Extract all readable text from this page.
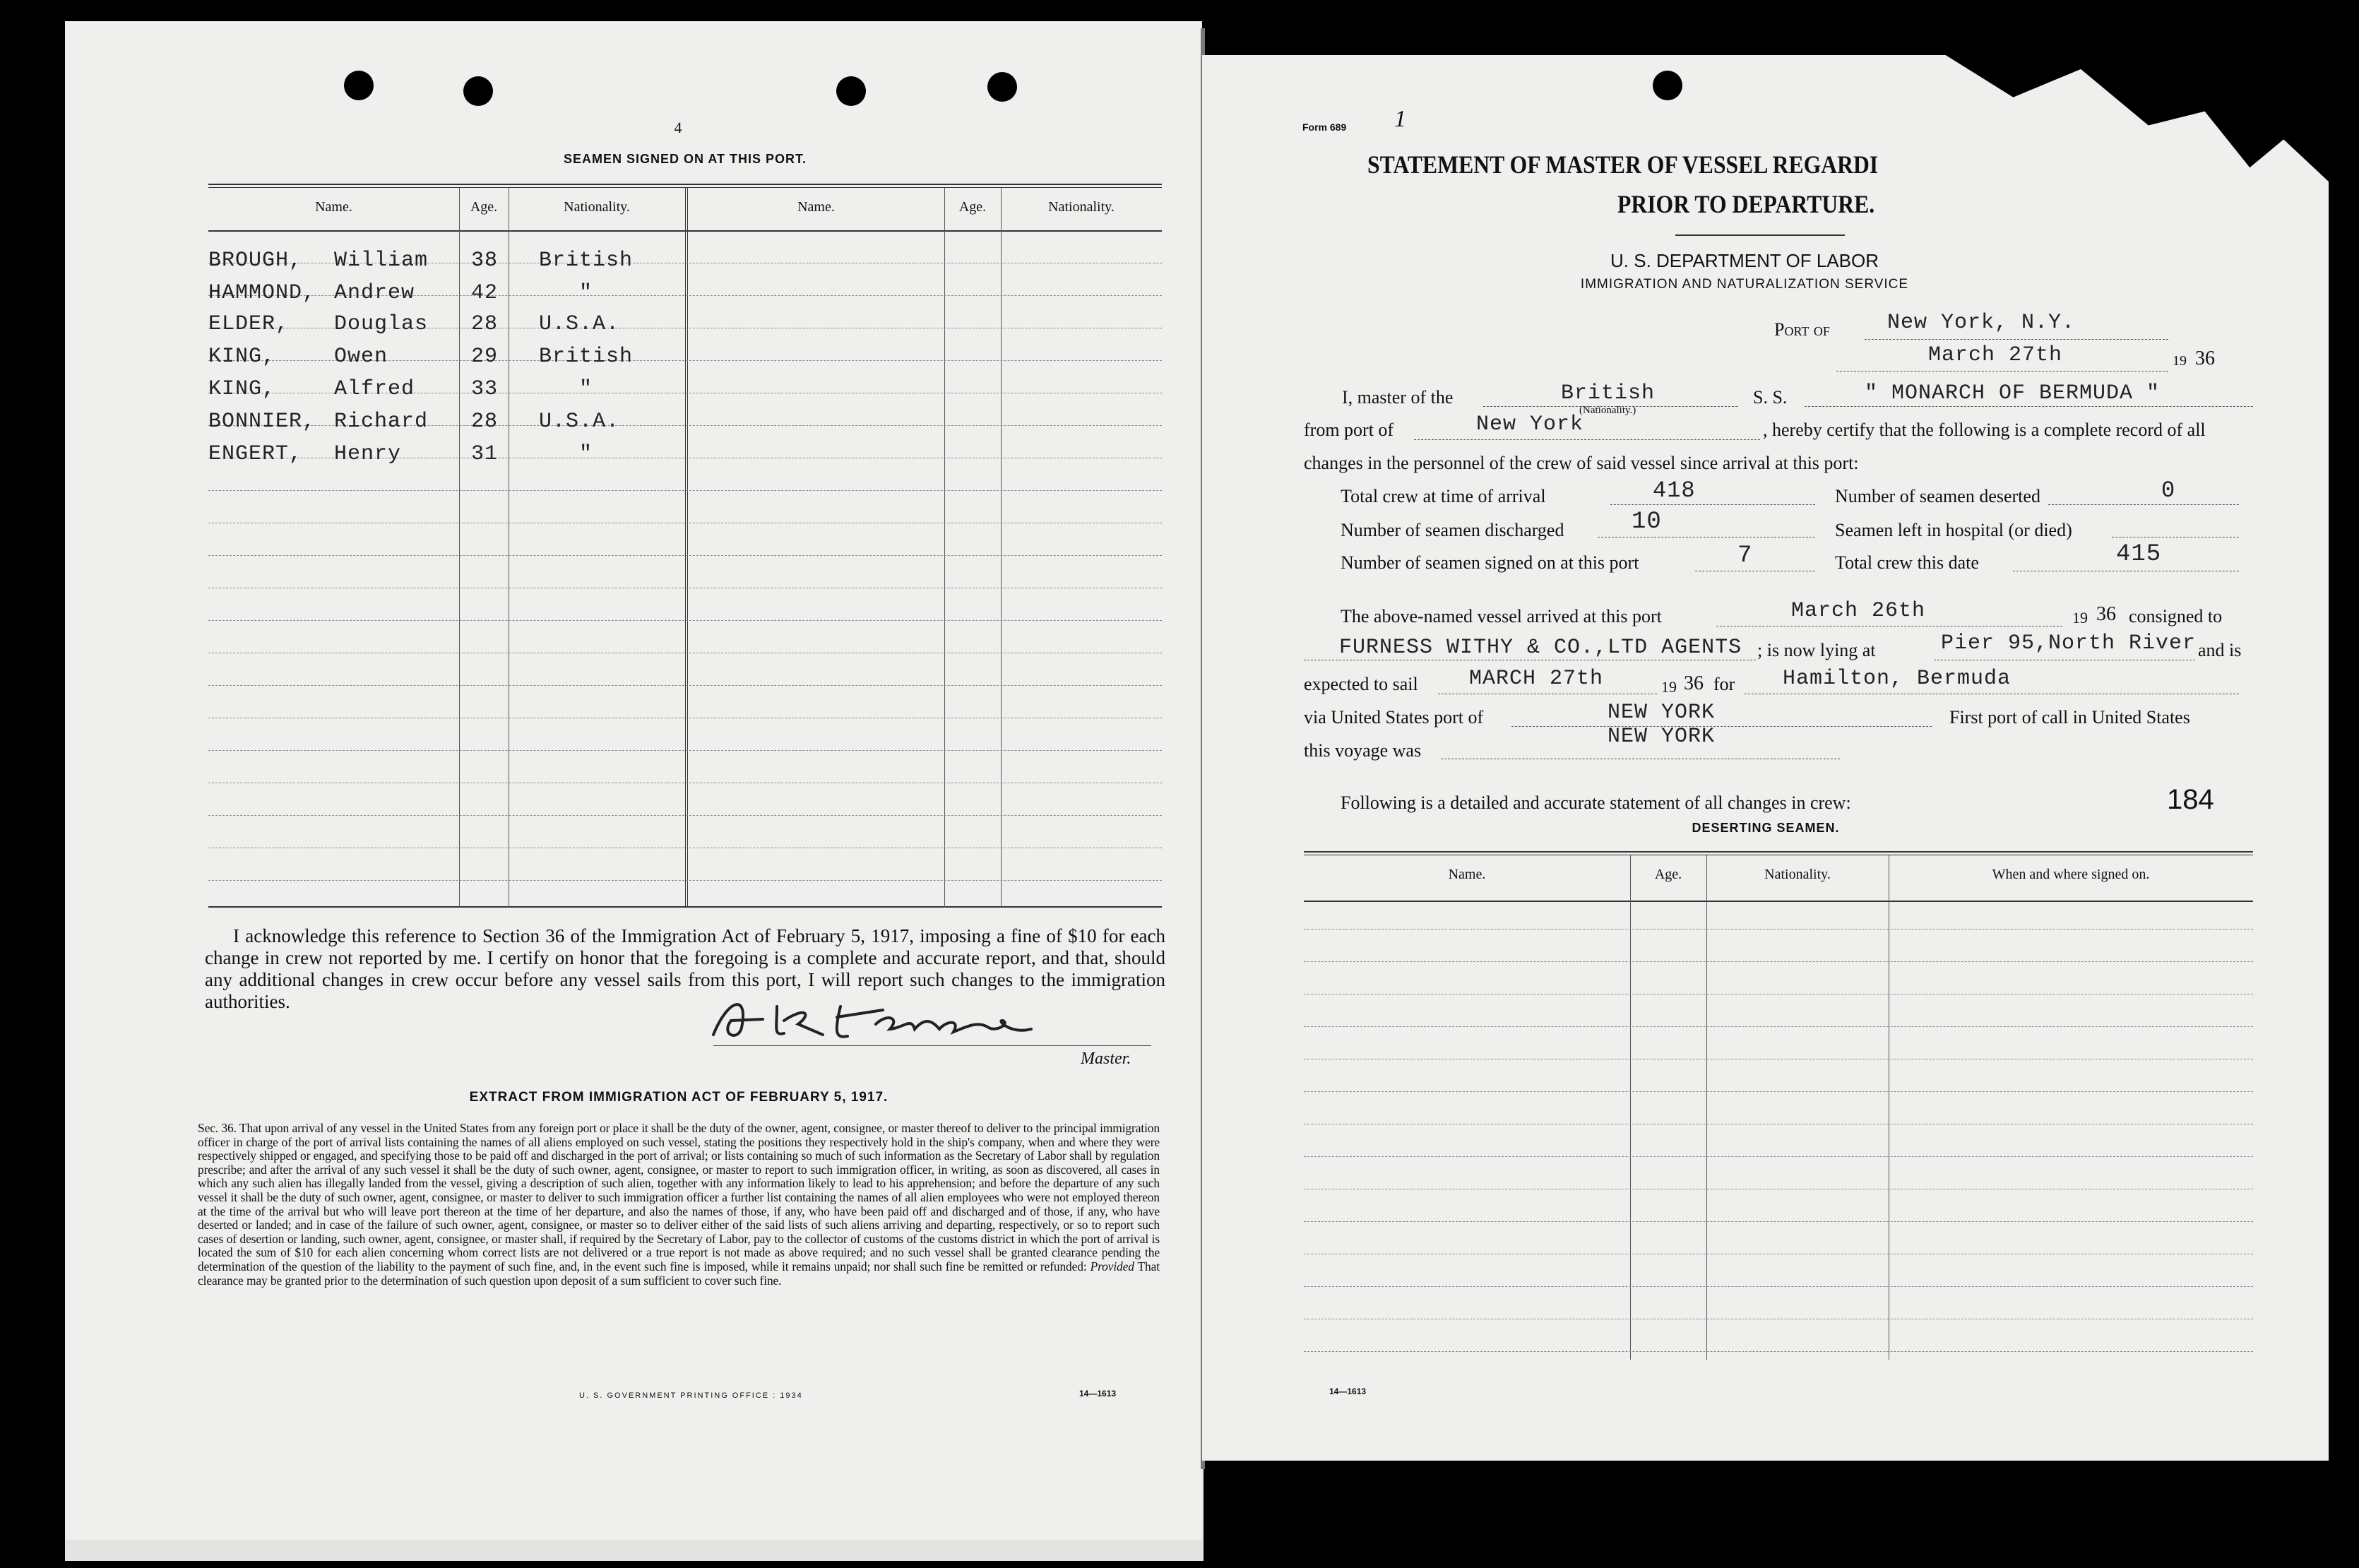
4
SEAMEN SIGNED ON AT THIS PORT.
Name.	Age.	Nationality.	Name.	Age.	Nationality.
BROUGH, William 38 British
HAMMOND, Andrew	42	"
ELDER, Douglas 28 U.S.A.
KING,	Owen	29 British
KING,	Alfred	33	"
BONNIER, Richard 28 U.S.A.
ENGERT, Henry	31	"
I acknowledge this reference to Section 36 of the Immigration Act of February 5, 1917, imposing a fine of $10 for each change in crew not reported by me. I certify on honor that the foregoing is a complete and accurate report, and that, should any additional changes in crew occur before any vessel sails from this port, I will report such changes to the immigration authorities.
Master.
EXTRACT FROM IMMIGRATION ACT OF FEBRUARY 5, 1917.
Sec. 36. That upon arrival of any vessel in the United States from any foreign port or place it shall be the duty of the owner, agent, consignee, or master thereof to deliver to the principal immigration officer in charge of the port of arrival lists containing the names of all aliens employed on such vessel, stating the positions they respectively hold in the ship's company, when and where they were respectively shipped or engaged, and specifying those to be paid off and discharged in the port of arrival; or lists containing so much of such information as the Secretary of Labor shall by regulation prescribe; and after the arrival of any such vessel it shall be the duty of such owner, agent, consignee, or master to report to such immigration officer, in writing, as soon as discovered, all cases in which any such alien has illegally landed from the vessel, giving a description of such alien, together with any information likely to lead to his apprehension; and before the departure of any such vessel it shall be the duty of such owner, agent, consignee, or master to deliver to such immigration officer a further list containing the names of all alien employees who were not employed thereon at the time of the arrival but who will leave port thereon at the time of her departure, and also the names of those, if any, who have been paid off and discharged and of those, if any, who have deserted or landed; and in case of the failure of such owner, agent, consignee, or master so to deliver either of the said lists of such aliens arriving and departing, respectively, or so to report such cases of desertion or landing, such owner, agent, consignee, or master shall, if required by the Secretary of Labor, pay to the collector of customs of the customs district in which the port of arrival is located the sum of $10 for each alien concerning whom correct lists are not delivered or a true report is not made as above required; and no such vessel shall be granted clearance pending the determination of the question of the liability to the payment of such fine, and, in the event such fine is imposed, while it remains unpaid; nor shall such fine be remitted or refunded: Provided That clearance may be granted prior to the determination of such question upon deposit of a sum sufficient to cover such fine.
U. S. GOVERNMENT PRINTING OFFICE : 1934	14—1613
Form 689 1
STATEMENT OF MASTER OF VESSEL REGARDI
PRIOR TO DEPARTURE.
U. S. DEPARTMENT OF LABOR
IMMIGRATION AND NATURALIZATION SERVICE
Port of	New York, N.Y.
March 27th	19 36
I, master of the	British
(Nationality.)
S. S.	" MONARCH OF BERMUDA "
from port of	New York	, hereby certify that the following is a complete record of all
changes in the personnel of the crew of said vessel since arrival at this port:
Total crew at time of arrival	418	Number of seamen deserted	0
Number of seamen discharged	10	Seamen left in hospital (or died)
Number of seamen signed on at this port	7	Total crew this date	415
The above-named vessel arrived at this port	March 26th	19 36 consigned to
FURNESS WITHY & CO.,LTD AGENTS ; is now lying at	Pier 95,North River and is
expected to sail MARCH 27th	19 36 for Hamilton, Bermuda
via United States port of	NEW YORK	First port of call in United States
this voyage was
NEW YORK
Following is a detailed and accurate statement of all changes in crew:	184
DESERTING SEAMEN.
Name.	Age.	Nationality.	When and where signed on.
14—1613
